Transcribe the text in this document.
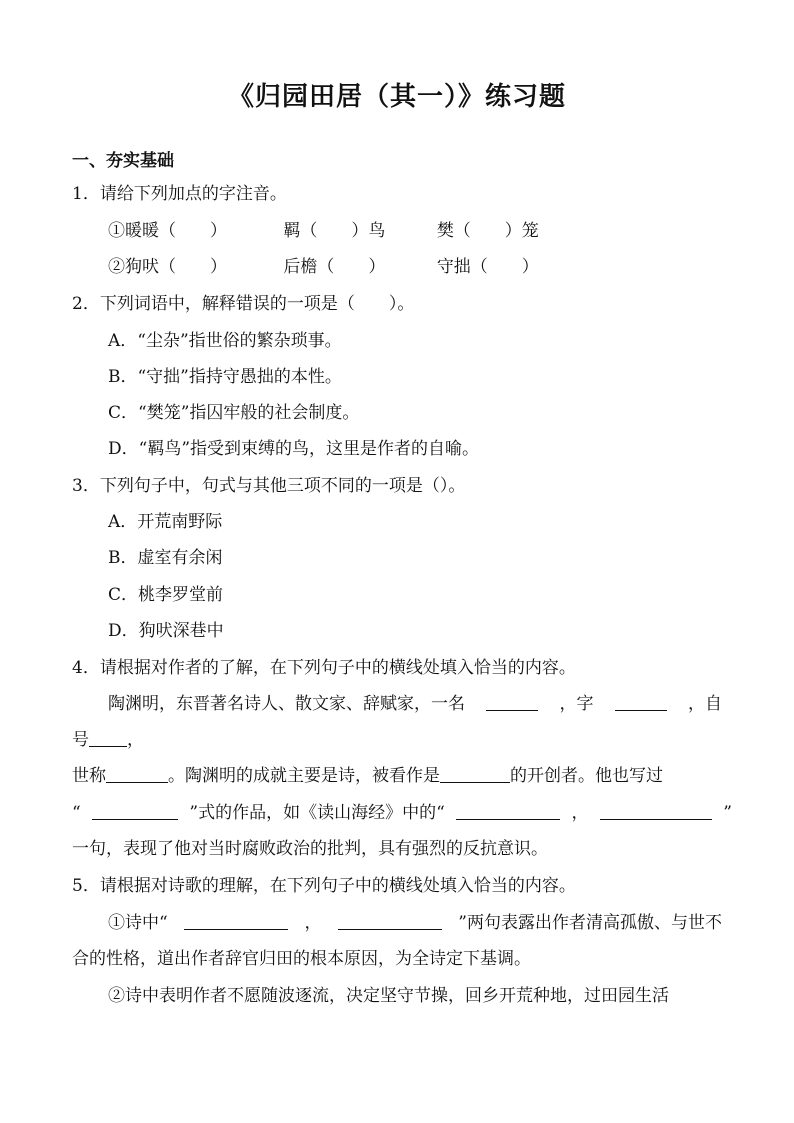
《归园田居（其一）》练习题
一、夯实基础
1．请给下列加点的字注音。
①暖暖（　　）	羁（　　）鸟	樊（　　）笼
②狗吠（　　）	后檐（　　）	守拙（　　）
2．下列词语中，解释错误的一项是（　　）。
A．“尘杂”指世俗的繁杂琐事。
B．“守拙”指持守愚拙的本性。
C．“樊笼”指囚牢般的社会制度。
D．“羁鸟”指受到束缚的鸟，这里是作者的自喻。
3．下列句子中，句式与其他三项不同的一项是（）。
A．开荒南野际
B．虚室有余闲
C．桃李罗堂前
D．狗吠深巷中
4．请根据对作者的了解，在下列句子中的横线处填入恰当的内容。
陶渊明，东晋著名诗人、散文家、辞赋家，一名	，字	，自
号 ，
世称	。陶渊明的成就主要是诗，被看作是	的开创者。他也写过
“	”式的作品，如《读山海经》中的“	，	”
一句，表现了他对当时腐败政治的批判，具有强烈的反抗意识。
5．请根据对诗歌的理解，在下列句子中的横线处填入恰当的内容。
①诗中“	，	”两句表露出作者清高孤傲、与世不
合的性格，道出作者辞官归田的根本原因，为全诗定下基调。
②诗中表明作者不愿随波逐流，决定坚守节操，回乡开荒种地，过田园生活
